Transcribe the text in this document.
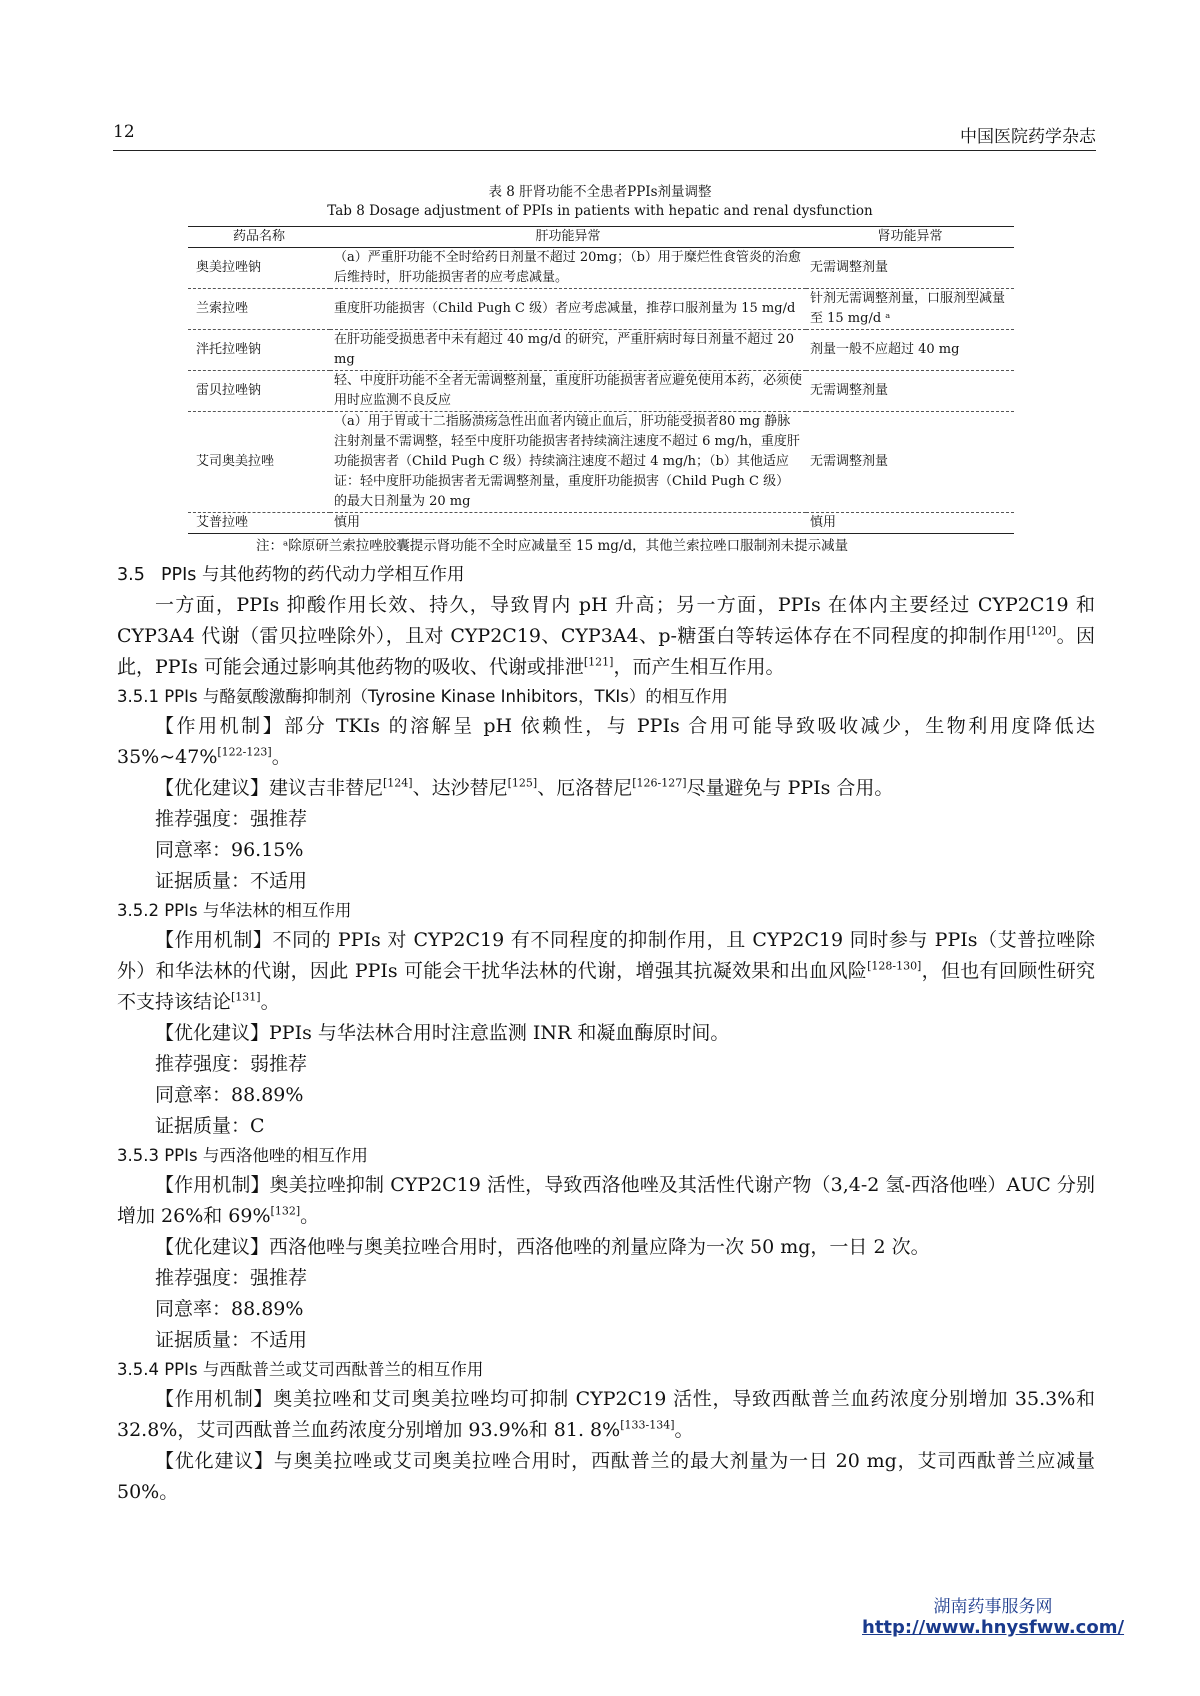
12	中国医院药学杂志
表 8 肝肾功能不全患者PPIs剂量调整
Tab 8 Dosage adjustment of PPIs in patients with hepatic and renal dysfunction
药品名称	肝功能异常	肾功能异常
奥美拉唑钠	（a）严重肝功能不全时给药日剂量不超过 20mg；（b）用于糜烂性食管炎的治愈后维持时，肝功能损害者的应考虑减量。	无需调整剂量
兰索拉唑	重度肝功能损害（Child Pugh C 级）者应考虑减量，推荐口服剂量为 15 mg/d	针剂无需调整剂量，口服剂型减量至 15 mg/d ᵃ
泮托拉唑钠	在肝功能受损患者中未有超过 40 mg/d 的研究，严重肝病时每日剂量不超过 20 mg	剂量一般不应超过 40 mg
雷贝拉唑钠	轻、中度肝功能不全者无需调整剂量，重度肝功能损害者应避免使用本药，必须使用时应监测不良反应	无需调整剂量
艾司奥美拉唑	（a）用于胃或十二指肠溃疡急性出血者内镜止血后，肝功能受损者80 mg 静脉注射剂量不需调整，轻至中度肝功能损害者持续滴注速度不超过 6 mg/h，重度肝功能损害者（Child Pugh C 级）持续滴注速度不超过 4 mg/h；（b）其他适应证：轻中度肝功能损害者无需调整剂量，重度肝功能损害（Child Pugh C 级）的最大日剂量为 20 mg	无需调整剂量
艾普拉唑	慎用	慎用
注：ᵃ除原研兰索拉唑胶囊提示肾功能不全时应减量至 15 mg/d，其他兰索拉唑口服制剂未提示减量
3.5 PPIs 与其他药物的药代动力学相互作用

一方面，PPIs 抑酸作用长效、持久，导致胃内 pH 升高；另一方面，PPIs 在体内主要经过 CYP2C19 和 CYP3A4 代谢（雷贝拉唑除外），且对 CYP2C19、CYP3A4、p-糖蛋白等转运体存在不同程度的抑制作用[120]。因此，PPIs 可能会通过影响其他药物的吸收、代谢或排泄[121]，而产生相互作用。

3.5.1 PPIs 与酪氨酸激酶抑制剂（Tyrosine Kinase Inhibitors，TKIs）的相互作用

【作用机制】部分 TKIs 的溶解呈 pH 依赖性，与 PPIs 合用可能导致吸收减少，生物利用度降低达 35%~47%[122-123]。

【优化建议】建议吉非替尼[124]、达沙替尼[125]、厄洛替尼[126-127]尽量避免与 PPIs 合用。

推荐强度：强推荐

同意率：96.15%

证据质量：不适用

3.5.2 PPIs 与华法林的相互作用

【作用机制】不同的 PPIs 对 CYP2C19 有不同程度的抑制作用，且 CYP2C19 同时参与 PPIs（艾普拉唑除外）和华法林的代谢，因此 PPIs 可能会干扰华法林的代谢，增强其抗凝效果和出血风险[128-130]，但也有回顾性研究不支持该结论[131]。

【优化建议】PPIs 与华法林合用时注意监测 INR 和凝血酶原时间。

推荐强度：弱推荐

同意率：88.89%

证据质量：C

3.5.3 PPIs 与西洛他唑的相互作用

【作用机制】奥美拉唑抑制 CYP2C19 活性，导致西洛他唑及其活性代谢产物（3,4-2 氢-西洛他唑）AUC 分别增加 26%和 69%[132]。

【优化建议】西洛他唑与奥美拉唑合用时，西洛他唑的剂量应降为一次 50 mg，一日 2 次。

推荐强度：强推荐

同意率：88.89%

证据质量：不适用

3.5.4 PPIs 与西酞普兰或艾司西酞普兰的相互作用

【作用机制】奥美拉唑和艾司奥美拉唑均可抑制 CYP2C19 活性，导致西酞普兰血药浓度分别增加 35.3%和 32.8%，艾司西酞普兰血药浓度分别增加 93.9%和 81. 8%[133-134]。

【优化建议】与奥美拉唑或艾司奥美拉唑合用时，西酞普兰的最大剂量为一日 20 mg，艾司西酞普兰应减量 50%。

湖南药事服务网
http://www.hnysfww.com/
